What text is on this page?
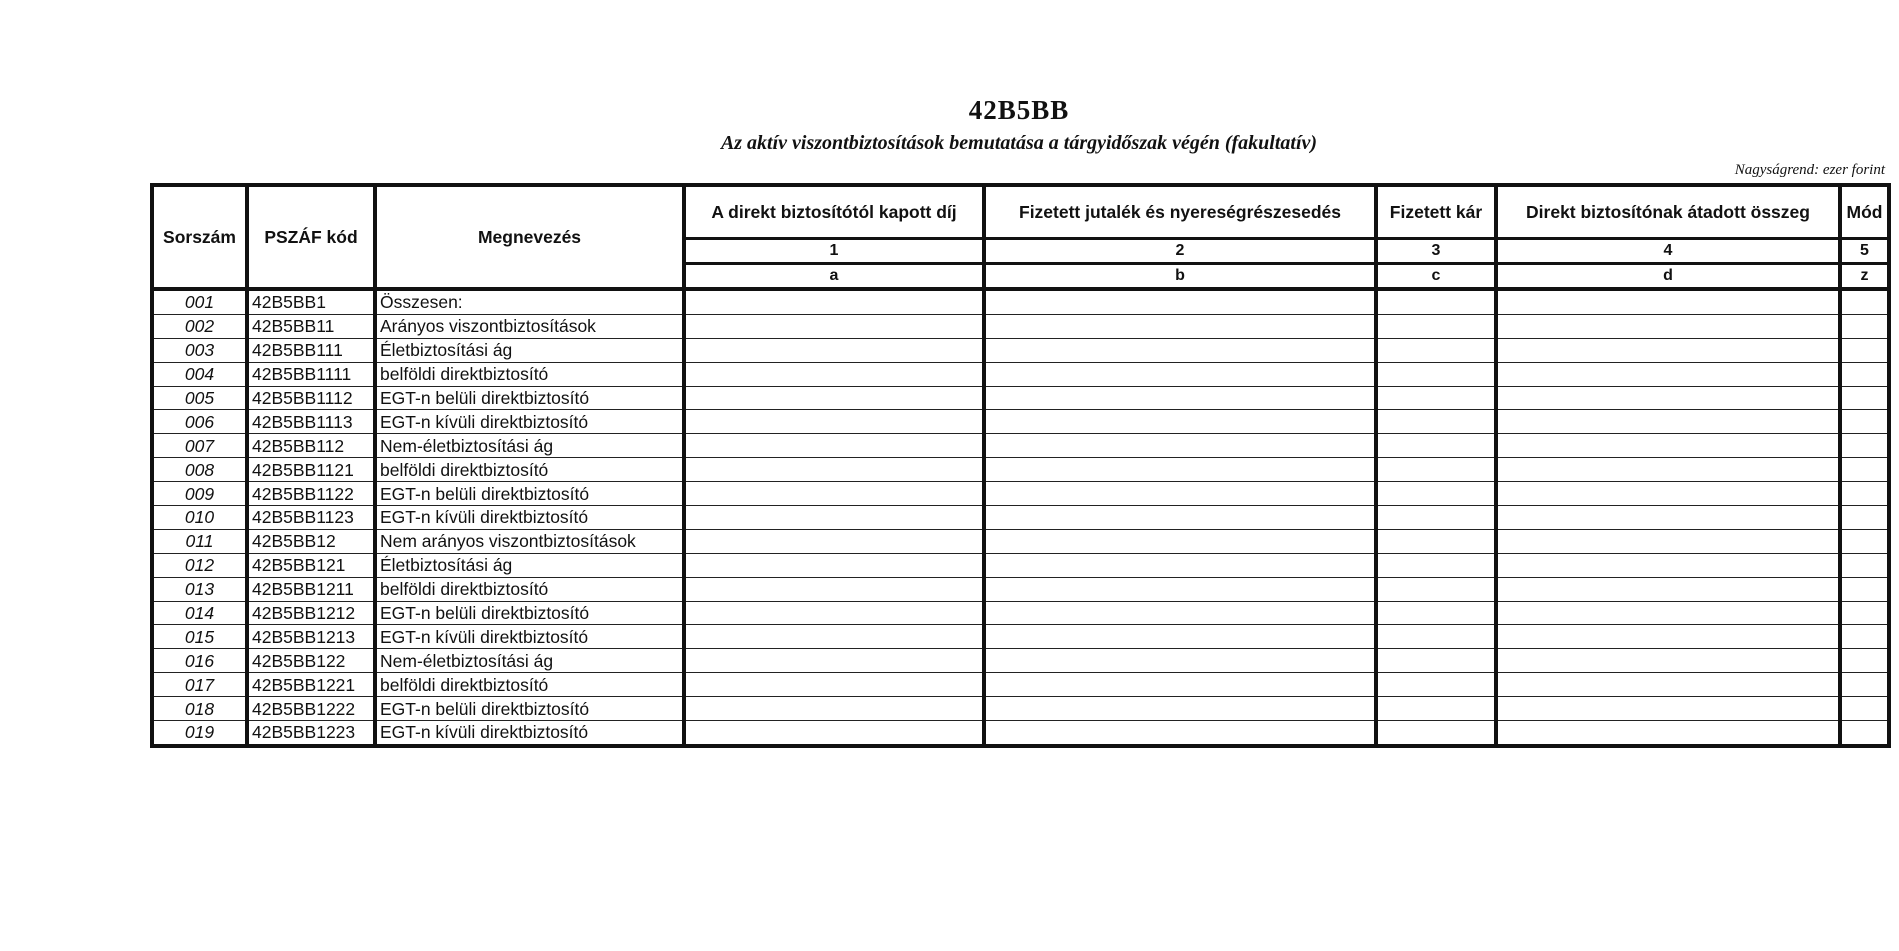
42B5BB
Az aktív viszontbiztosítások bemutatása a tárgyidőszak végén (fakultatív)
Nagyságrend: ezer forint
Sorszám	PSZÁF kód	Megnevezés	A direkt biztosítótól kapott díj	Fizetett jutalék és nyereségrészesedés	Fizetett kár	Direkt biztosítónak átadott összeg	Mód
			1	2	3	4	5
			a	b	c	d	z
001	42B5BB1	Összesen:					
002	42B5BB11	Arányos viszontbiztosítások					
003	42B5BB111	Életbiztosítási ág					
004	42B5BB1111	belföldi direktbiztosító					
005	42B5BB1112	EGT-n belüli direktbiztosító					
006	42B5BB1113	EGT-n kívüli direktbiztosító					
007	42B5BB112	Nem-életbiztosítási ág					
008	42B5BB1121	belföldi direktbiztosító					
009	42B5BB1122	EGT-n belüli direktbiztosító					
010	42B5BB1123	EGT-n kívüli direktbiztosító					
011	42B5BB12	Nem arányos viszontbiztosítások					
012	42B5BB121	Életbiztosítási ág					
013	42B5BB1211	belföldi direktbiztosító					
014	42B5BB1212	EGT-n belüli direktbiztosító					
015	42B5BB1213	EGT-n kívüli direktbiztosító					
016	42B5BB122	Nem-életbiztosítási ág					
017	42B5BB1221	belföldi direktbiztosító					
018	42B5BB1222	EGT-n belüli direktbiztosító					
019	42B5BB1223	EGT-n kívüli direktbiztosító					
